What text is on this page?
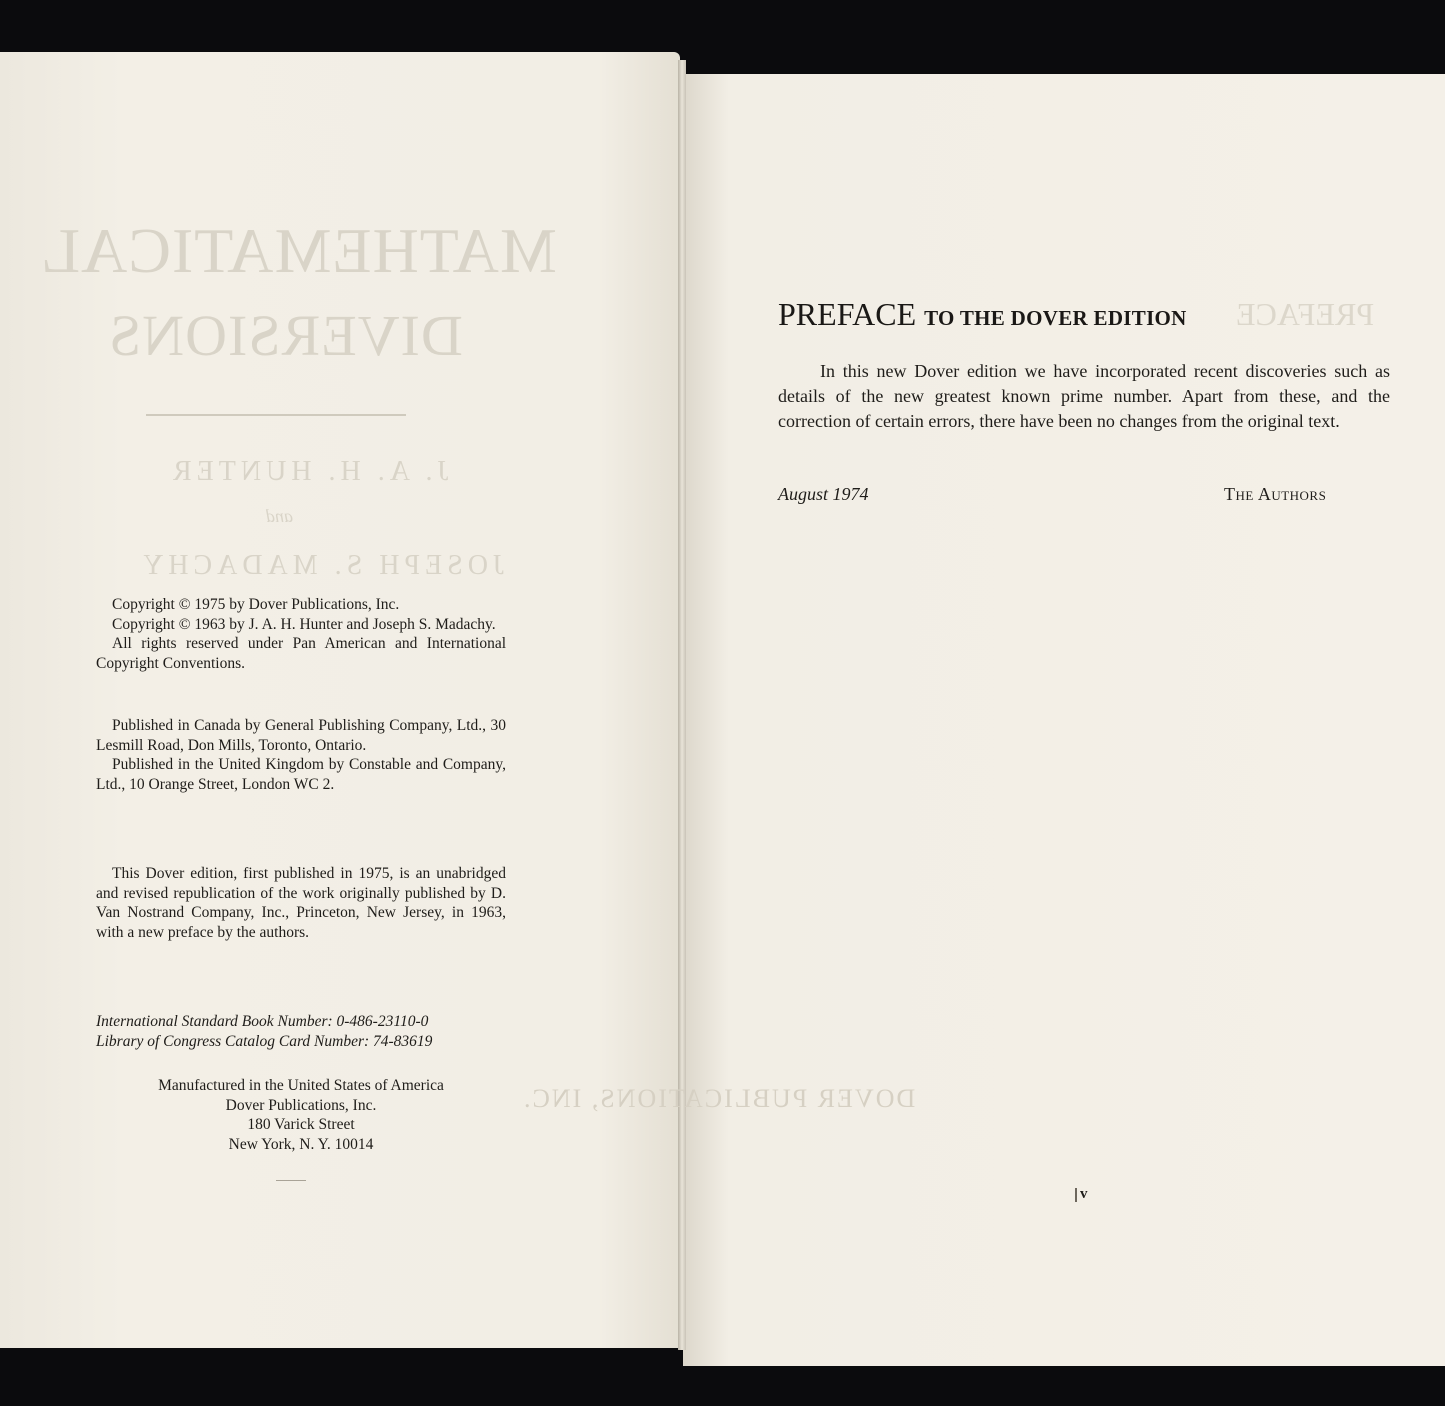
MATHEMATICAL
DIVERSIONS
J. A. H. HUNTER
and
JOSEPH S. MADACHY
DOVER PUBLICATIONS, INC.
PREFACE

Copyright © 1975 by Dover Publications, Inc.

Copyright © 1963 by J. A. H. Hunter and Joseph S. Madachy.

All rights reserved under Pan American and International Copyright Conventions.

Published in Canada by General Publishing Company, Ltd., 30 Lesmill Road, Don Mills, Toronto, Ontario.

Published in the United Kingdom by Constable and Company, Ltd., 10 Orange Street, London WC 2.

This Dover edition, first published in 1975, is an unabridged and revised republication of the work originally published by D. Van Nostrand Company, Inc., Princeton, New Jersey, in 1963, with a new preface by the authors.

International Standard Book Number: 0-486-23110-0

Library of Congress Catalog Card Number: 74-83619

Manufactured in the United States of America

Dover Publications, Inc.

180 Varick Street

New York, N. Y. 10014

PREFACE TO THE DOVER EDITION

In this new Dover edition we have incorporated recent discoveries such as details of the new greatest known prime number. Apart from these, and the correction of certain errors, there have been no changes from the original text.

August 1974	The Authors
v
